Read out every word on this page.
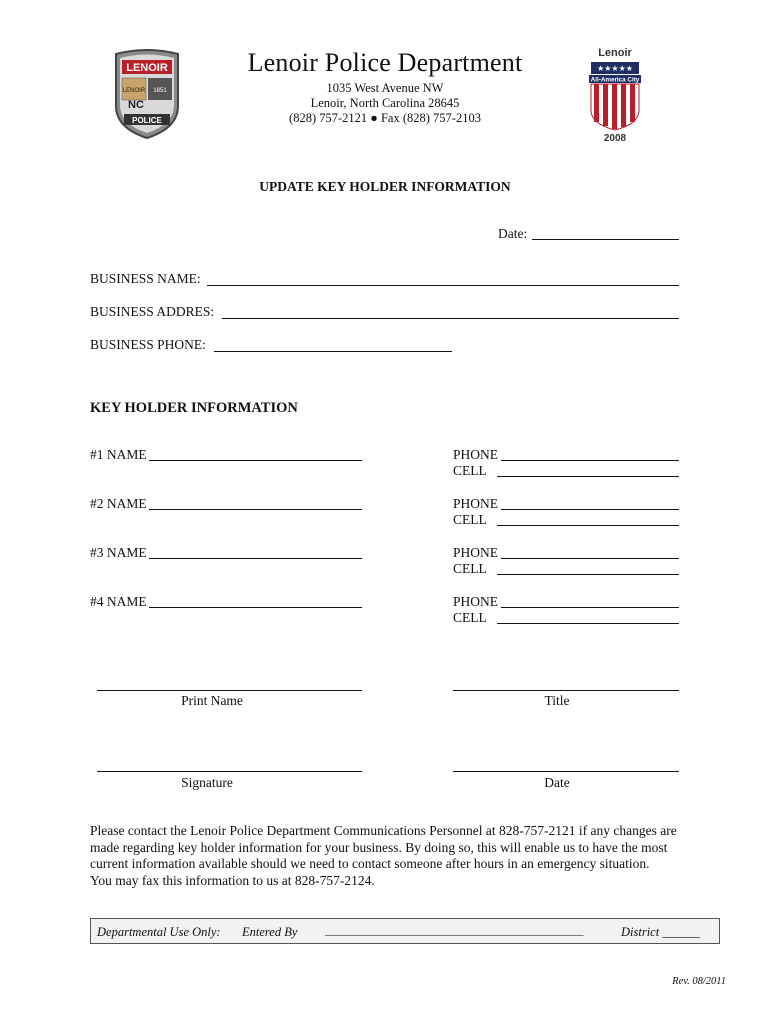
LENOIR
LENOIR 1851
NC
POLICE
Lenoir
★★★★★
All-America City
2008
Lenoir Police Department
1035 West Avenue NW
Lenoir, North Carolina 28645
(828) 757-2121 ● Fax (828) 757-2103
UPDATE KEY HOLDER INFORMATION
Date:
BUSINESS NAME:
BUSINESS ADDRES:
BUSINESS PHONE:
KEY HOLDER INFORMATION
#1 NAME	PHONE
CELL
#2 NAME	PHONE
CELL
#3 NAME	PHONE
CELL
#4 NAME	PHONE
CELL
Print Name	Title
Signature	Date
Please contact the Lenoir Police Department Communications Personnel at 828-757-2121 if any changes are
made regarding key holder information for your business. By doing so, this will enable us to have the most
current information available should we need to contact someone after hours in an emergency situation.
You may fax this information to us at 828-757-2124.
Departmental Use Only: Entered By	_______________________________________________	District ______
Rev. 08/2011
